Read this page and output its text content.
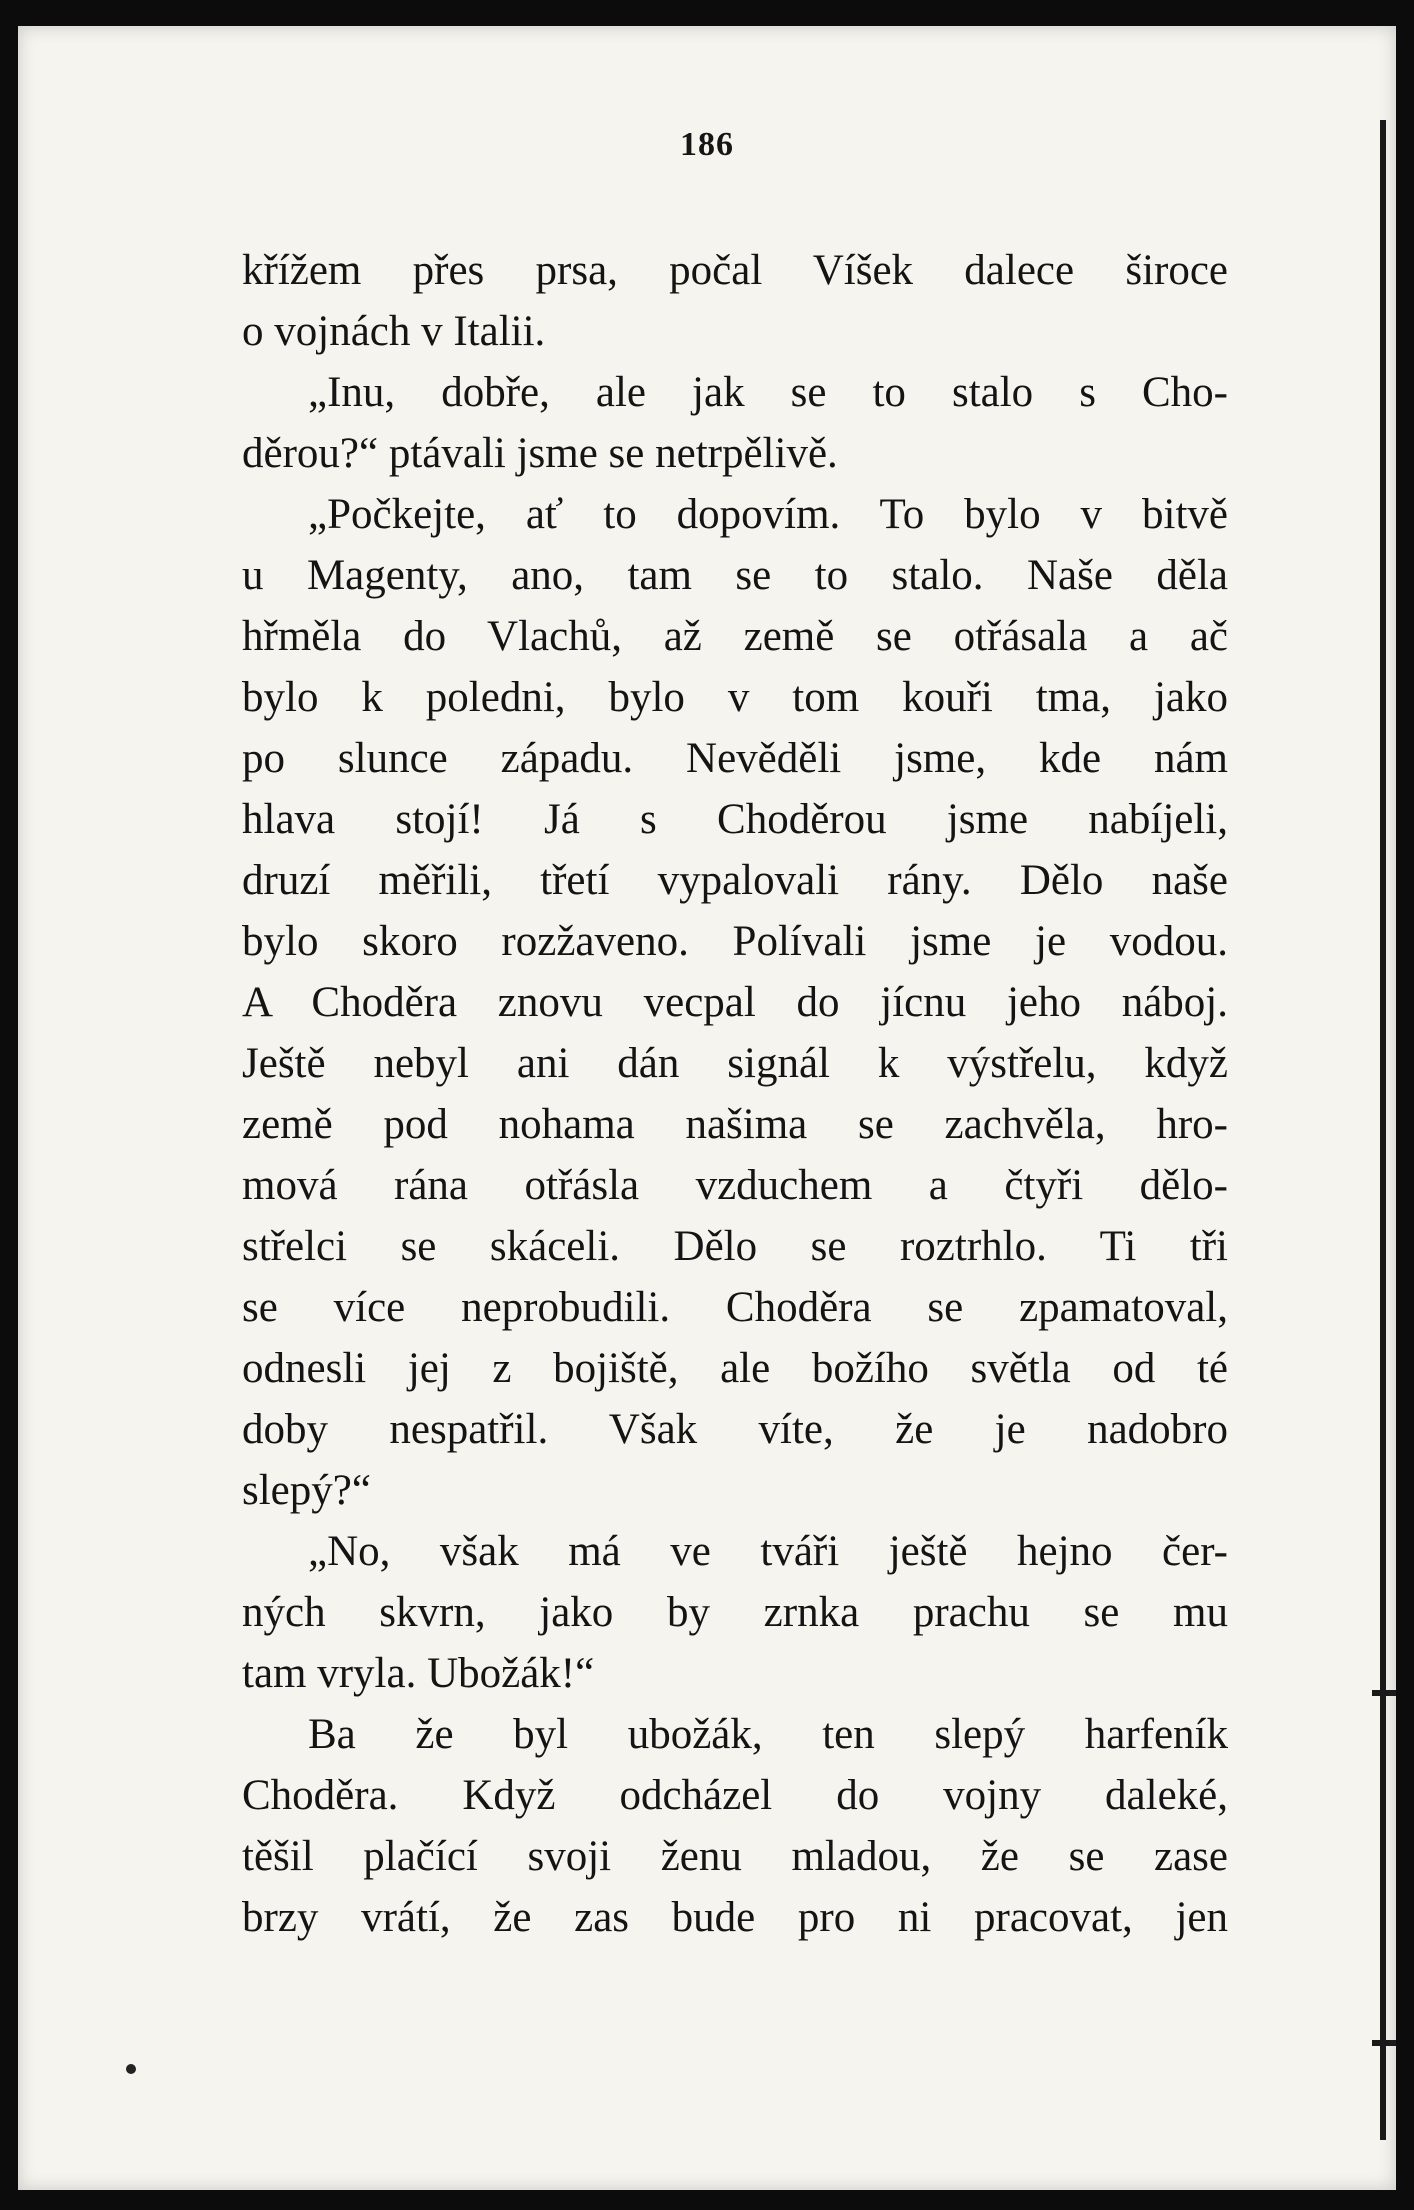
186
křížem přes prsa, počal Víšek dalece široce
o vojnách v Italii.
„Inu, dobře, ale jak se to stalo s Cho-
děrou?“ ptávali jsme se netrpělivě.
„Počkejte, ať to dopovím. To bylo v bitvě
u Magenty, ano, tam se to stalo. Naše děla
hřměla do Vlachů, až země se otřásala a ač
bylo k poledni, bylo v tom kouři tma, jako
po slunce západu. Nevěděli jsme, kde nám
hlava stojí! Já s Choděrou jsme nabíjeli,
druzí měřili, třetí vypalovali rány. Dělo naše
bylo skoro rozžaveno. Polívali jsme je vodou.
A Choděra znovu vecpal do jícnu jeho náboj.
Ještě nebyl ani dán signál k výstřelu, když
země pod nohama našima se zachvěla, hro-
mová rána otřásla vzduchem a čtyři dělo-
střelci se skáceli. Dělo se roztrhlo. Ti tři
se více neprobudili. Choděra se zpamatoval,
odnesli jej z bojiště, ale božího světla od té
doby nespatřil. Však víte, že je nadobro
slepý?“
„No, však má ve tváři ještě hejno čer-
ných skvrn, jako by zrnka prachu se mu
tam vryla. Ubožák!“
Ba že byl ubožák, ten slepý harfeník
Choděra. Když odcházel do vojny daleké,
těšil plačící svoji ženu mladou, že se zase
brzy vrátí, že zas bude pro ni pracovat, jen
